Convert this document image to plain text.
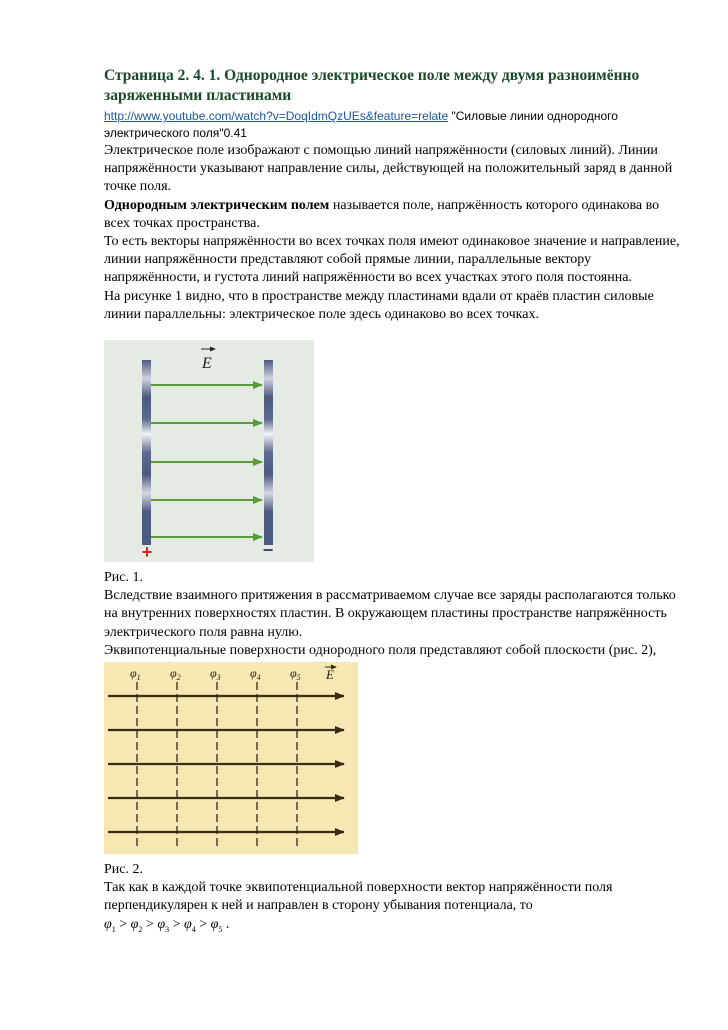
Страница 2. 4. 1. Однородное электрическое поле между двумя разноимённо заряженными пластинами
http://www.youtube.com/watch?v=DoqIdmQzUEs&feature=relate "Силовые линии однородного электрического поля"0.41

Электрическое поле изображают с помощью линий напряжённости (силовых линий). Линии напряжённости указывают направление силы, действующей на положительный заряд в данной точке поля.

Однородным электрическим полем называется поле, напржённость которого одинакова во всех точках пространства.

То есть векторы напряжённости во всех точках поля имеют одинаковое значение и направление, линии напряжённости представляют собой прямые линии, параллельные вектору напряжённости, и густота линий напряжённости во всех участках этого поля постоянна.

На рисунке 1 видно, что в пространстве между пластинами вдали от краёв пластин силовые линии параллельны: электрическое поле здесь одинаково во всех точках.

E
+	−
Рис. 1.

Вследствие взаимного притяжения в рассматриваемом случае все заряды располагаются только на внутренних поверхностях пластин. В окружающем пластины пространстве напряжённость электрического поля равна нулю.

Эквипотенциальные поверхности однородного поля представляют собой плоскости (рис. 2),

$\varphi_1$ $\varphi_2$ $\varphi_3$ $\varphi_4$ $\varphi_5$ E
Рис. 2.

Так как в каждой точке эквипотенциальной поверхности вектор напряжённости поля перпендикулярен к ней и направлен в сторону убывания потенциала, то

$\varphi_1 > \varphi_2 > \varphi_3 > \varphi_4 > \varphi_5$ .
